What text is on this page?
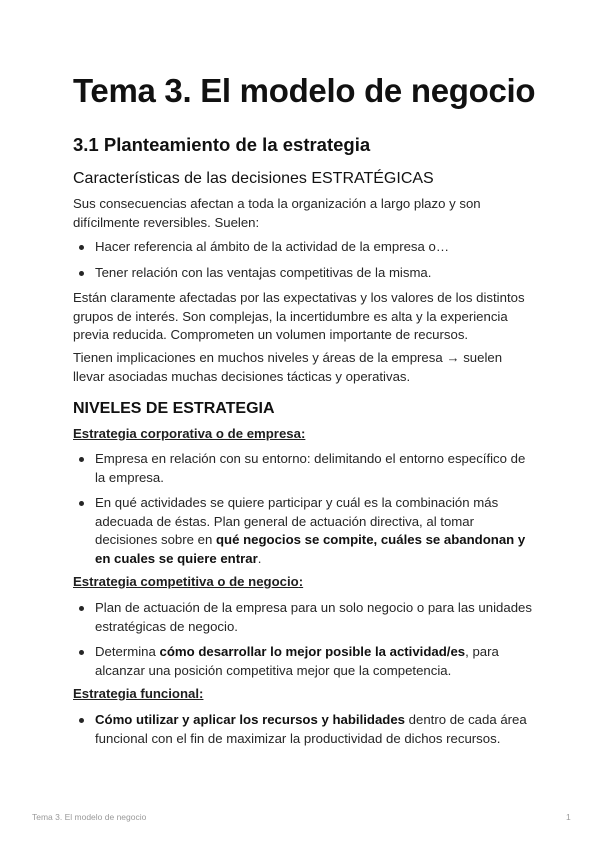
Tema 3. El modelo de negocio
3.1 Planteamiento de la estrategia
Características de las decisiones ESTRATÉGICAS

Sus consecuencias afectan a toda la organización a largo plazo y son difícilmente reversibles. Suelen:

Hacer referencia al ámbito de la actividad de la empresa o…
Tener relación con las ventajas competitivas de la misma.

Están claramente afectadas por las expectativas y los valores de los distintos grupos de interés. Son complejas, la incertidumbre es alta y la experiencia previa reducida. Comprometen un volumen importante de recursos.

Tienen implicaciones en muchos niveles y áreas de la empresa → suelen llevar asociadas muchas decisiones tácticas y operativas.

NIVELES DE ESTRATEGIA

Estrategia corporativa o de empresa:

Empresa en relación con su entorno: delimitando el entorno específico de la empresa.
En qué actividades se quiere participar y cuál es la combinación más adecuada de éstas. Plan general de actuación directiva, al tomar decisiones sobre en qué negocios se compite, cuáles se abandonan y en cuales se quiere entrar.

Estrategia competitiva o de negocio:

Plan de actuación de la empresa para un solo negocio o para las unidades estratégicas de negocio.
Determina cómo desarrollar lo mejor posible la actividad/es, para alcanzar una posición competitiva mejor que la competencia.

Estrategia funcional:

Cómo utilizar y aplicar los recursos y habilidades dentro de cada área funcional con el fin de maximizar la productividad de dichos recursos.
Tema 3. El modelo de negocio	1
